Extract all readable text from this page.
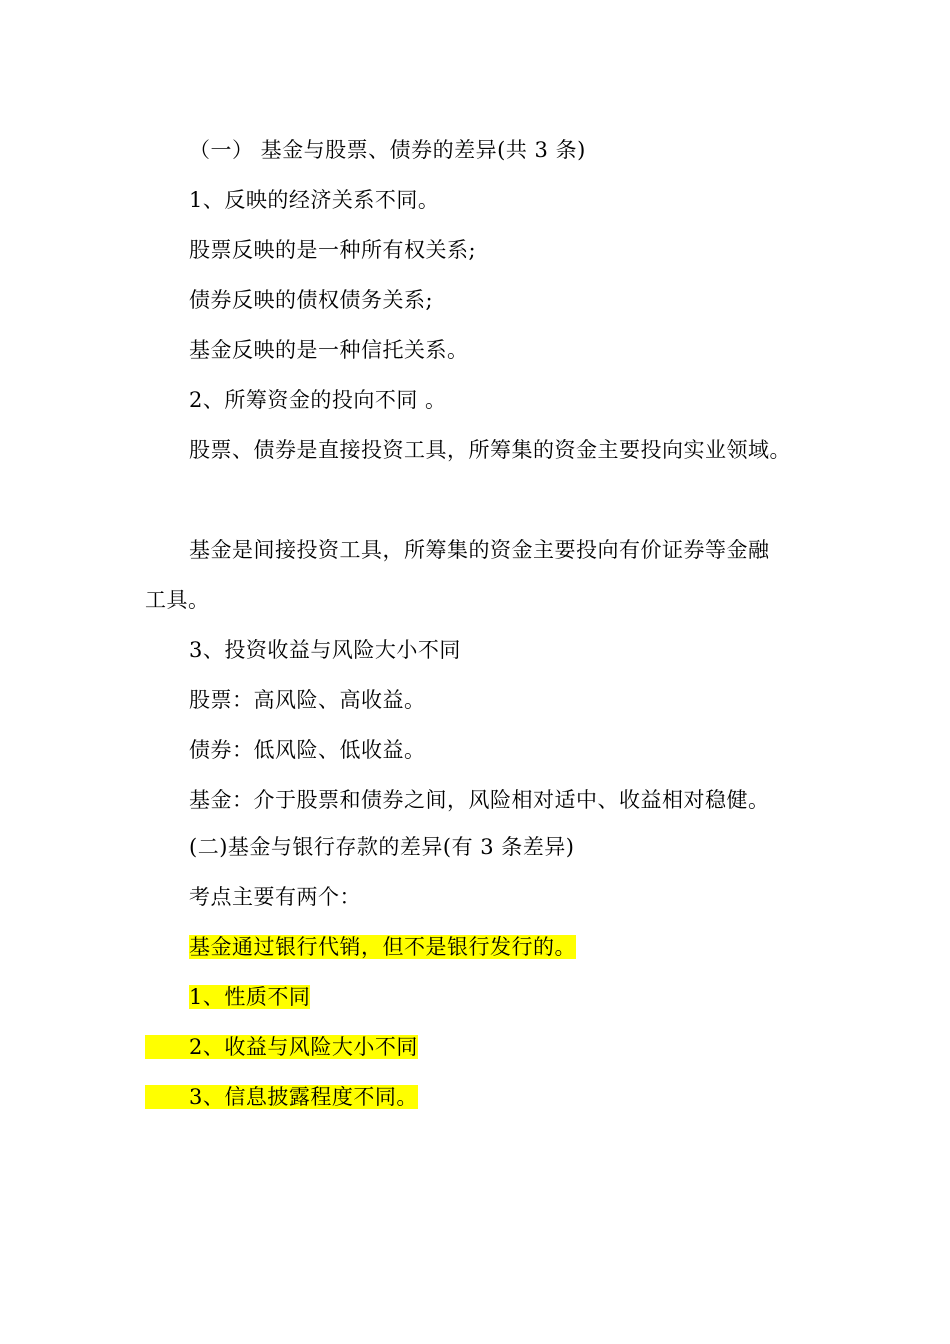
（一） 基金与股票、债券的差异(共 3 条)
1、反映的经济关系不同。
股票反映的是一种所有权关系;
债券反映的债权债务关系;
基金反映的是一种信托关系。
2、所筹资金的投向不同 。
股票、债券是直接投资工具，所筹集的资金主要投向实业领域。
基金是间接投资工具，所筹集的资金主要投向有价证券等金融
工具。
3、投资收益与风险大小不同
股票：高风险、高收益。
债券：低风险、低收益。
基金：介于股票和债券之间，风险相对适中、收益相对稳健。
(二)基金与银行存款的差异(有 3 条差异)
考点主要有两个：
基金通过银行代销，但不是银行发行的。
1、性质不同
2、收益与风险大小不同
3、信息披露程度不同。
